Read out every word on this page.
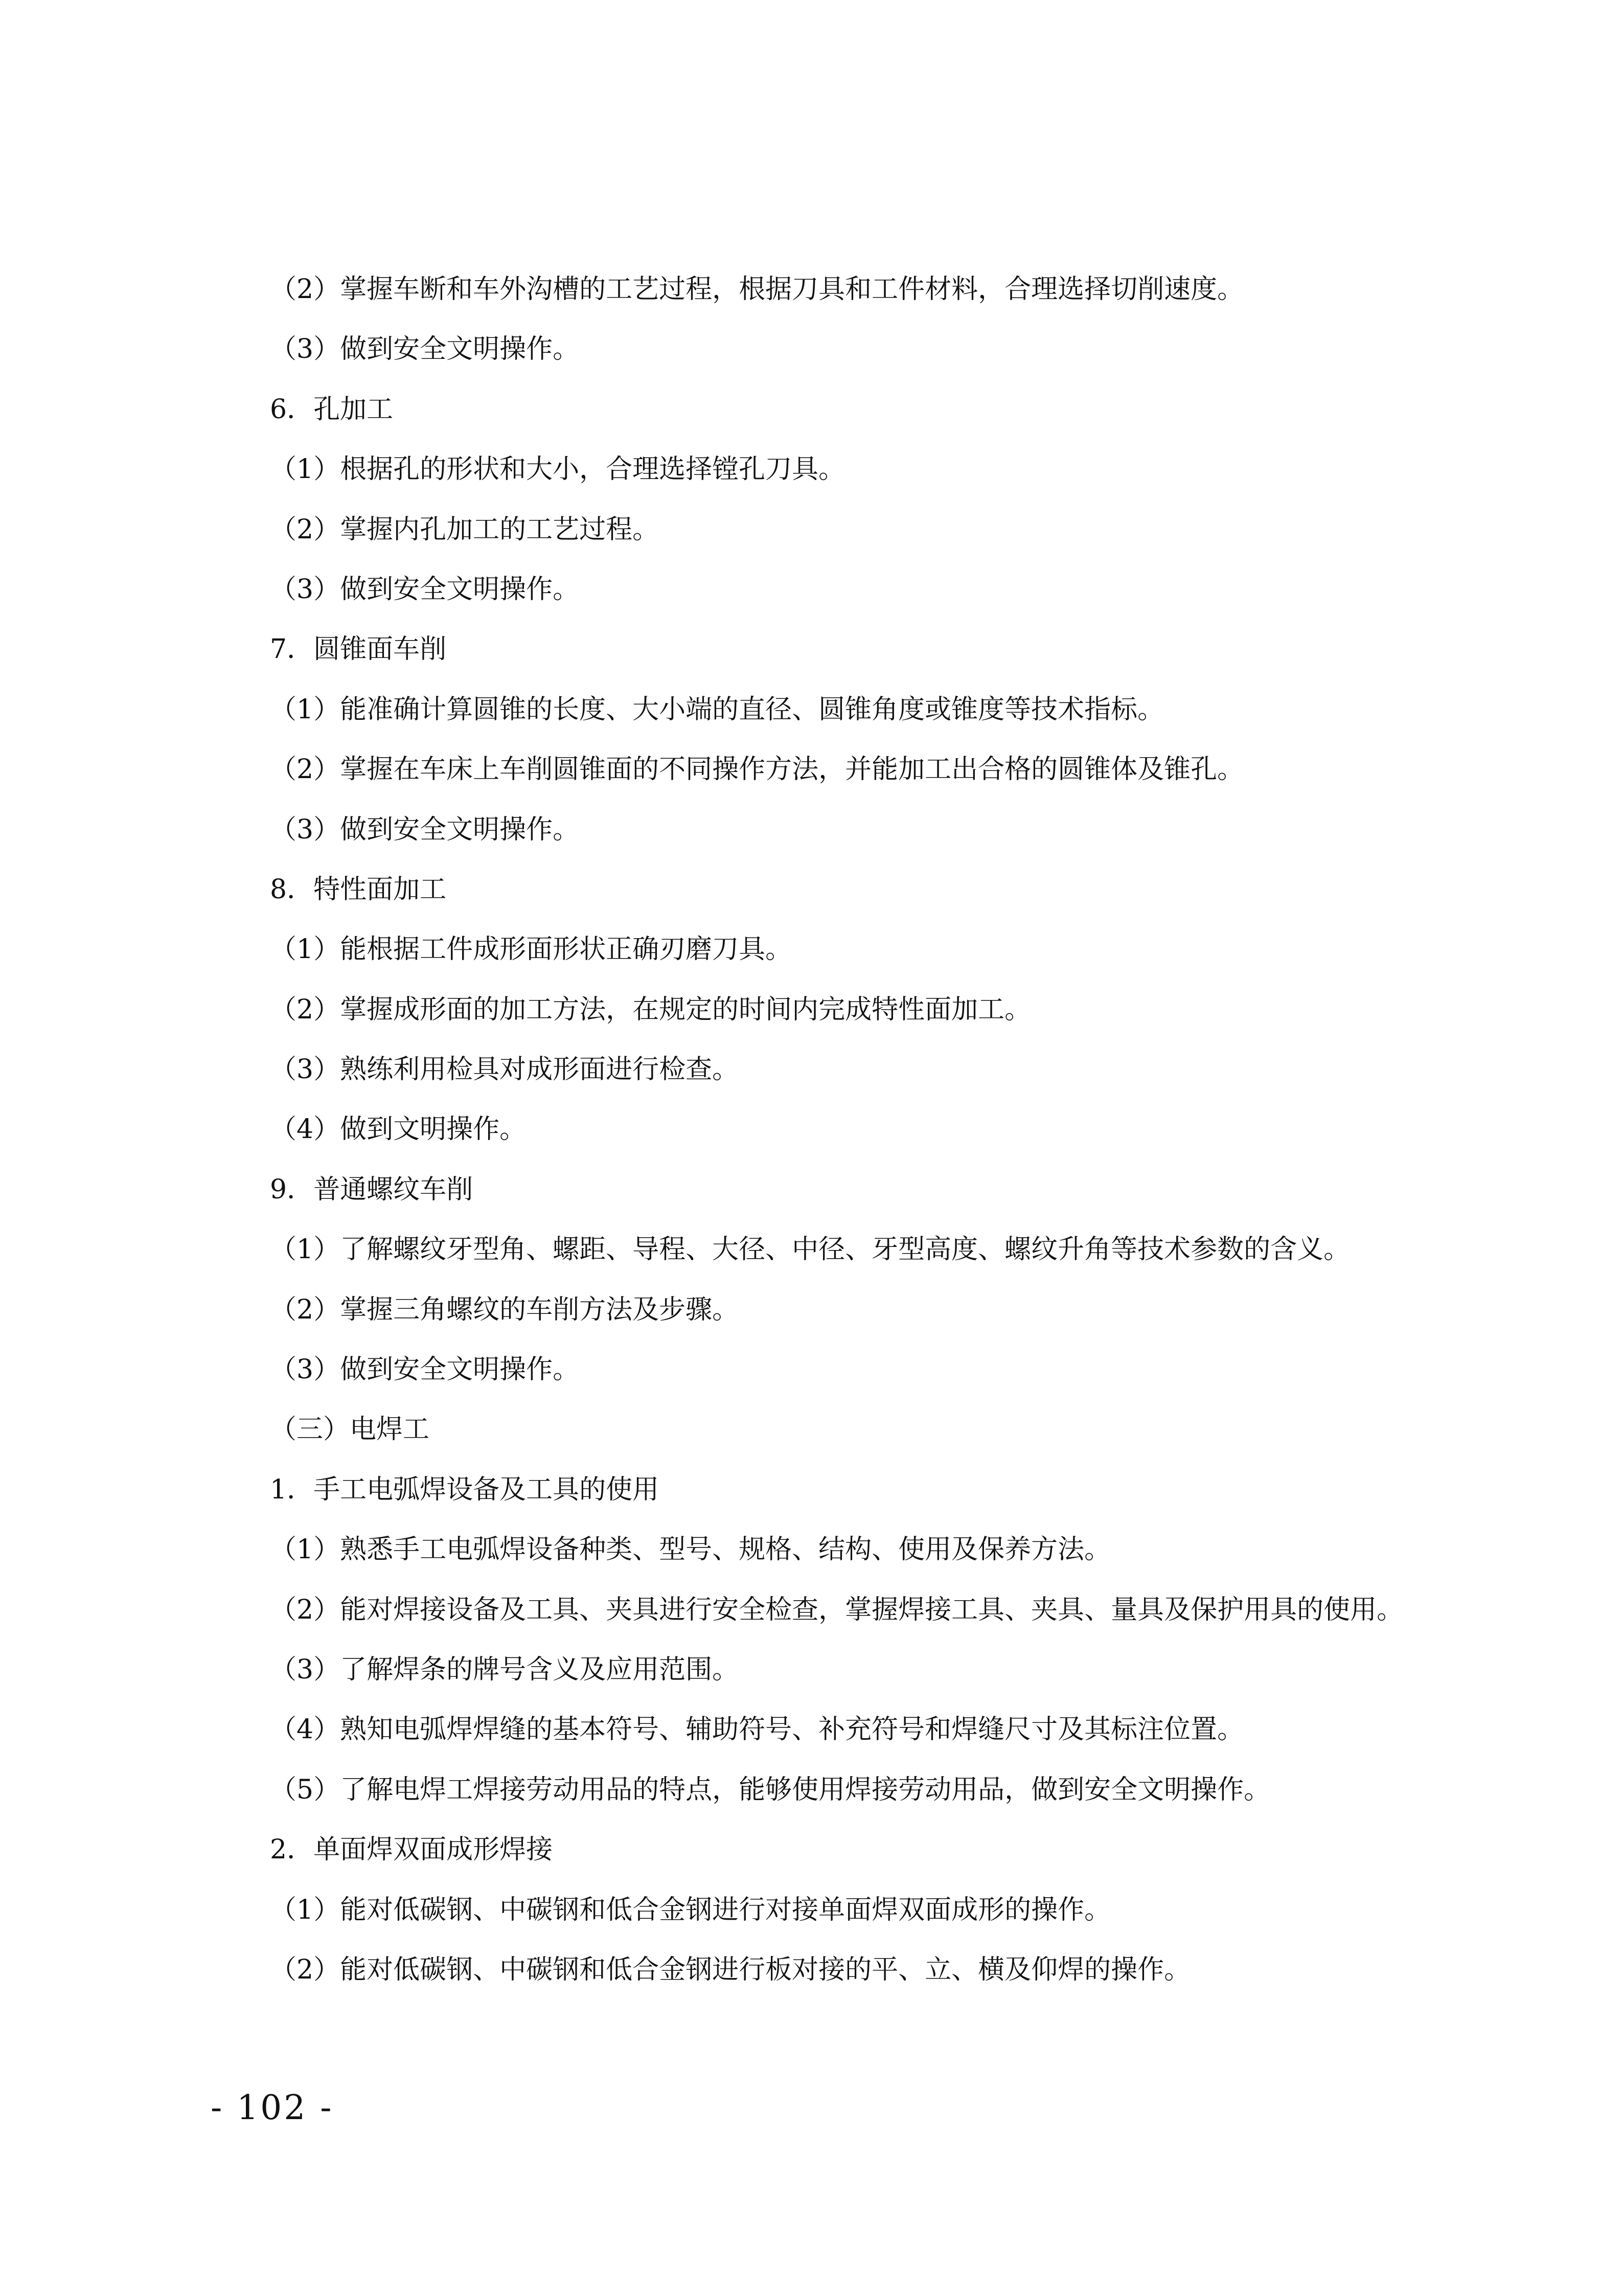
（2）掌握车断和车外沟槽的工艺过程，根据刀具和工件材料，合理选择切削速度。
（3）做到安全文明操作。
6．孔加工
（1）根据孔的形状和大小，合理选择镗孔刀具。
（2）掌握内孔加工的工艺过程。
（3）做到安全文明操作。
7．圆锥面车削
（1）能准确计算圆锥的长度、大小端的直径、圆锥角度或锥度等技术指标。
（2）掌握在车床上车削圆锥面的不同操作方法，并能加工出合格的圆锥体及锥孔。
（3）做到安全文明操作。
8．特性面加工
（1）能根据工件成形面形状正确刃磨刀具。
（2）掌握成形面的加工方法，在规定的时间内完成特性面加工。
（3）熟练利用检具对成形面进行检查。
（4）做到文明操作。
9．普通螺纹车削
（1）了解螺纹牙型角、螺距、导程、大径、中径、牙型高度、螺纹升角等技术参数的含义。
（2）掌握三角螺纹的车削方法及步骤。
（3）做到安全文明操作。
（三）电焊工
1．手工电弧焊设备及工具的使用
（1）熟悉手工电弧焊设备种类、型号、规格、结构、使用及保养方法。
（2）能对焊接设备及工具、夹具进行安全检查，掌握焊接工具、夹具、量具及保护用具的使用。
（3）了解焊条的牌号含义及应用范围。
（4）熟知电弧焊焊缝的基本符号、辅助符号、补充符号和焊缝尺寸及其标注位置。
（5）了解电焊工焊接劳动用品的特点，能够使用焊接劳动用品，做到安全文明操作。
2．单面焊双面成形焊接
（1）能对低碳钢、中碳钢和低合金钢进行对接单面焊双面成形的操作。
（2）能对低碳钢、中碳钢和低合金钢进行板对接的平、立、横及仰焊的操作。
- 102 -
